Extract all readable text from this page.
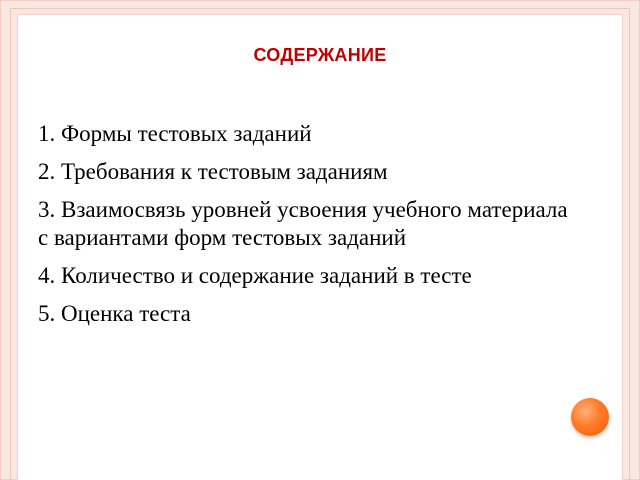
СОДЕРЖАНИЕ
1. Формы тестовых заданий
2. Требования к тестовым заданиям
3. Взаимосвязь уровней усвоения учебного материала с вариантами форм тестовых заданий
4. Количество и содержание заданий в тесте
5. Оценка теста
